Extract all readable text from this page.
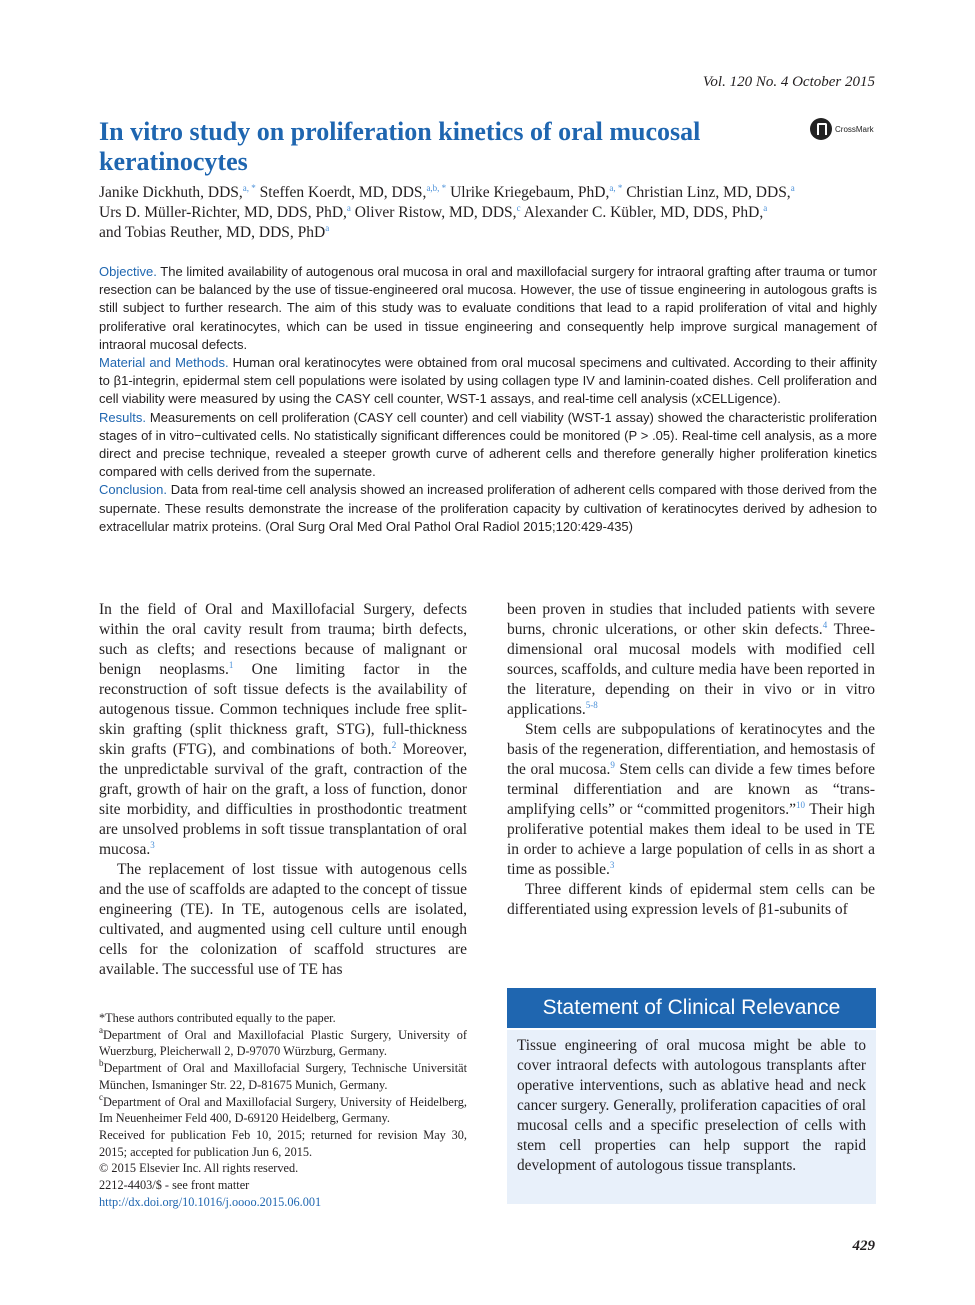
Vol. 120 No. 4 October 2015
In vitro study on proliferation kinetics of oral mucosal keratinocytes
CrossMark
Janike Dickhuth, DDS,$^{a, *}$ Steffen Koerdt, MD, DDS,$^{a,b, *}$ Ulrike Kriegebaum, PhD,$^{a, *}$ Christian Linz, MD, DDS,$^a$
Urs D. Müller-Richter, MD, DDS, PhD,$^a$ Oliver Ristow, MD, DDS,$^c$ Alexander C. Kübler, MD, DDS, PhD,$^a$
and Tobias Reuther, MD, DDS, PhD$^a$

Objective. The limited availability of autogenous oral mucosa in oral and maxillofacial surgery for intraoral grafting after trauma or tumor resection can be balanced by the use of tissue-engineered oral mucosa. However, the use of tissue engineering in autologous grafts is still subject to further research. The aim of this study was to evaluate conditions that lead to a rapid proliferation of vital and highly proliferative oral keratinocytes, which can be used in tissue engineering and consequently help improve surgical management of intraoral mucosal defects.

Material and Methods. Human oral keratinocytes were obtained from oral mucosal specimens and cultivated. According to their affinity to β1-integrin, epidermal stem cell populations were isolated by using collagen type IV and laminin-coated dishes. Cell proliferation and cell viability were measured by using the CASY cell counter, WST-1 assays, and real-time cell analysis (xCELLigence).

Results. Measurements on cell proliferation (CASY cell counter) and cell viability (WST-1 assay) showed the characteristic proliferation stages of in vitro−cultivated cells. No statistically significant differences could be monitored (P > .05). Real-time cell analysis, as a more direct and precise technique, revealed a steeper growth curve of adherent cells and therefore generally higher proliferation kinetics compared with cells derived from the supernate.

Conclusion. Data from real-time cell analysis showed an increased proliferation of adherent cells compared with those derived from the supernate. These results demonstrate the increase of the proliferation capacity by cultivation of keratinocytes derived by adhesion to extracellular matrix proteins. (Oral Surg Oral Med Oral Pathol Oral Radiol 2015;120:429-435)

In the field of Oral and Maxillofacial Surgery, defects within the oral cavity result from trauma; birth defects, such as clefts; and resections because of malignant or benign neoplasms.$^1$ One limiting factor in the reconstruction of soft tissue defects is the availability of autogenous tissue. Common techniques include free split-skin grafting (split thickness graft, STG), full-thickness skin grafts (FTG), and combinations of both.$^2$ Moreover, the unpredictable survival of the graft, contraction of the graft, growth of hair on the graft, a loss of function, donor site morbidity, and difficulties in prosthodontic treatment are unsolved problems in soft tissue transplantation of oral mucosa.$^3$

The replacement of lost tissue with autogenous cells and the use of scaffolds are adapted to the concept of tissue engineering (TE). In TE, autogenous cells are isolated, cultivated, and augmented using cell culture until enough cells for the colonization of scaffold structures are available. The successful use of TE has

been proven in studies that included patients with severe burns, chronic ulcerations, or other skin defects.$^4$ Three-dimensional oral mucosal models with modified cell sources, scaffolds, and culture media have been reported in the literature, depending on their in vivo or in vitro applications.$^{5-8}$

Stem cells are subpopulations of keratinocytes and the basis of the regeneration, differentiation, and hemostasis of the oral mucosa.$^9$ Stem cells can divide a few times before terminal differentiation and are known as “trans-amplifying cells” or “committed progenitors.”$^{10}$ Their high proliferative potential makes them ideal to be used in TE in order to achieve a large population of cells in as short a time as possible.$^3$

Three different kinds of epidermal stem cells can be differentiated using expression levels of β1-subunits of

*These authors contributed equally to the paper.
$^a$Department of Oral and Maxillofacial Plastic Surgery, University of Wuerzburg, Pleicherwall 2, D-97070 Würzburg, Germany.
$^b$Department of Oral and Maxillofacial Surgery, Technische Universität München, Ismaninger Str. 22, D-81675 Munich, Germany.
$^c$Department of Oral and Maxillofacial Surgery, University of Heidelberg, Im Neuenheimer Feld 400, D-69120 Heidelberg, Germany.
Received for publication Feb 10, 2015; returned for revision May 30, 2015; accepted for publication Jun 6, 2015.
© 2015 Elsevier Inc. All rights reserved.
2212-4403/$ - see front matter
http://dx.doi.org/10.1016/j.oooo.2015.06.001
Statement of Clinical Relevance
Tissue engineering of oral mucosa might be able to cover intraoral defects with autologous transplants after operative interventions, such as ablative head and neck cancer surgery. Generally, proliferation capacities of oral mucosal cells and a specific preselection of cells with stem cell properties can help support the rapid development of autologous tissue transplants.
429
